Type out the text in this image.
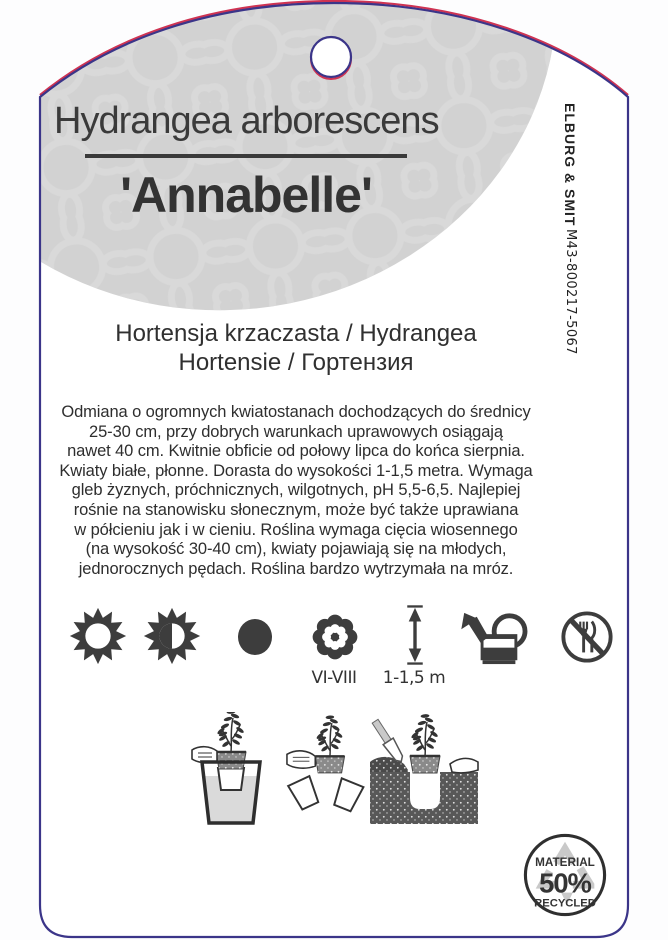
Hydrangea arborescens
'Annabelle'	ELBURG & SMIT
M43-800217-5067
Hortensja krzaczasta / Hydrangea
Hortensie / Гортензия
Odmiana o ogromnych kwiatostanach dochodzących do średnicy
25-30 cm, przy dobrych warunkach uprawowych osiągają
nawet 40 cm. Kwitnie obficie od połowy lipca do końca sierpnia.
Kwiaty białe, płonne. Dorasta do wysokości 1-1,5 metra. Wymaga
gleb żyznych, próchnicznych, wilgotnych, pH 5,5-6,5. Najlepiej
rośnie na stanowisku słonecznym, może być także uprawiana
w półcieniu jak i w cieniu. Roślina wymaga cięcia wiosennego
(na wysokość 30-40 cm), kwiaty pojawiają się na młodych,
jednorocznych pędach. Roślina bardzo wytrzymała na mróz.
VI-VIII	1-1,5 m
MATERIAL
50%
RECYCLED
